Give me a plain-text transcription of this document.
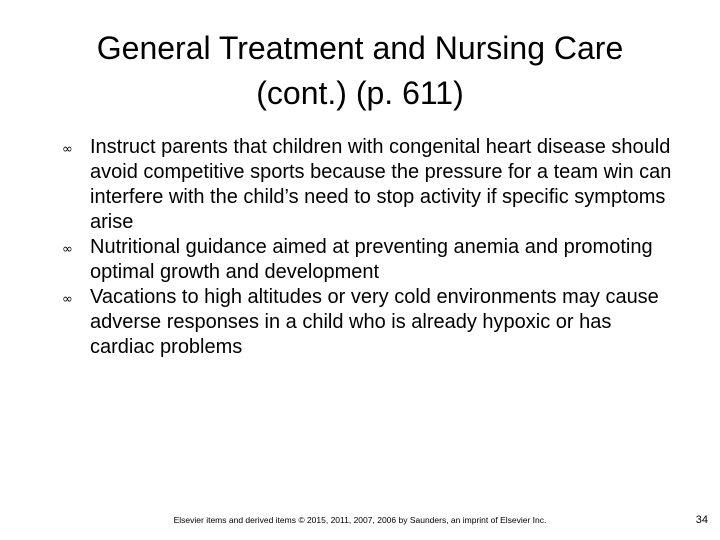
General Treatment and Nursing Care
(cont.) (p. 611)
∞ Instruct parents that children with congenital heart disease should avoid competitive sports because the pressure for a team win can interfere with the child’s need to stop activity if specific symptoms arise
∞ Nutritional guidance aimed at preventing anemia and promoting optimal growth and development
∞ Vacations to high altitudes or very cold environments may cause adverse responses in a child who is already hypoxic or has cardiac problems
Elsevier items and derived items © 2015, 2011, 2007, 2006 by Saunders, an imprint of Elsevier Inc.	34
